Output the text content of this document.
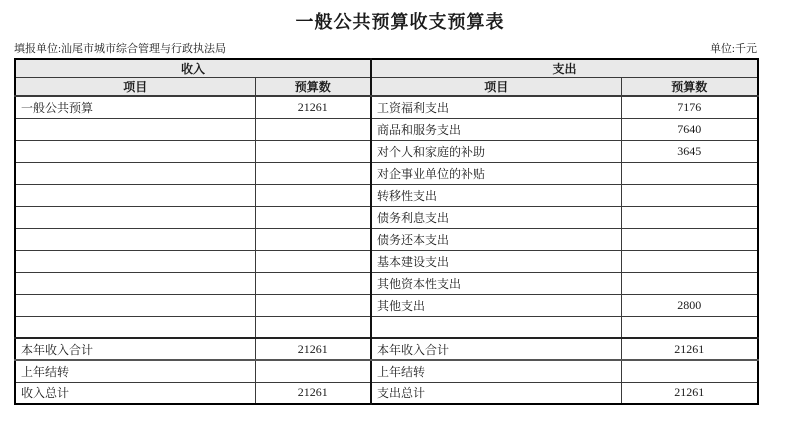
一般公共预算收支预算表
填报单位:汕尾市城市综合管理与行政执法局	单位:千元
收入		支出	
项目	预算数	项目	预算数
一般公共预算	21261	工资福利支出	7176
		商品和服务支出	7640
		对个人和家庭的补助	3645
		对企事业单位的补贴	
		转移性支出	
		债务利息支出	
		债务还本支出	
		基本建设支出	
		其他资本性支出	
		其他支出	2800

本年收入合计	21261	本年收入合计	21261
上年结转		上年结转	
收入总计	21261	支出总计	21261
